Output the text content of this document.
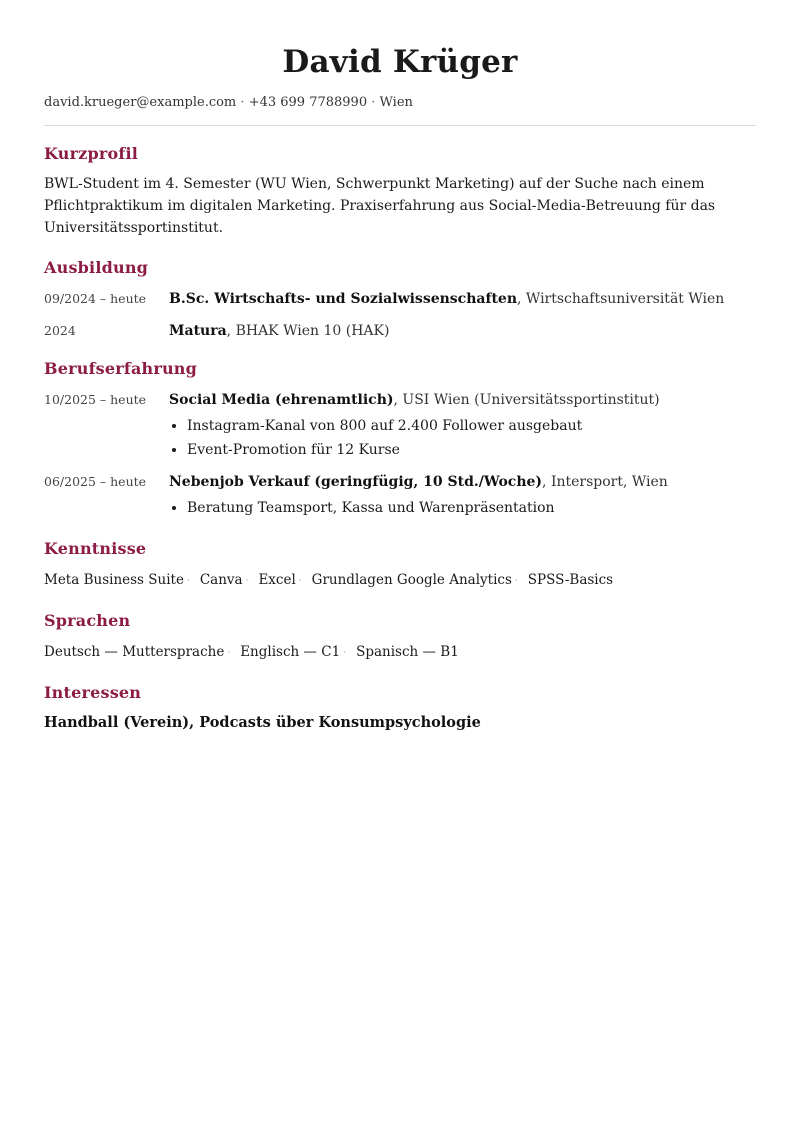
David Krüger
david.krueger@example.com · +43 699 7788990 · Wien
Kurzprofil
BWL-Student im 4. Semester (WU Wien, Schwerpunkt Marketing) auf der Suche nach einem Pflichtpraktikum im digitalen Marketing. Praxiserfahrung aus Social-Media-Betreuung für das Universitätssportinstitut.
Ausbildung
09/2024 – heute	B.Sc. Wirtschafts- und Sozialwissenschaften, Wirtschaftsuniversität Wien
2024	Matura, BHAK Wien 10 (HAK)
Berufserfahrung
10/2025 – heute	Social Media (ehrenamtlich), USI Wien (Universitätssportinstitut)
• Instagram-Kanal von 800 auf 2.400 Follower ausgebaut
• Event-Promotion für 12 Kurse
06/2025 – heute	Nebenjob Verkauf (geringfügig, 10 Std./Woche), Intersport, Wien
• Beratung Teamsport, Kassa und Warenpräsentation
Kenntnisse
Meta Business Suite · Canva · Excel · Grundlagen Google Analytics · SPSS-Basics
Sprachen
Deutsch — Muttersprache · Englisch — C1 · Spanisch — B1
Interessen
Handball (Verein), Podcasts über Konsumpsychologie
